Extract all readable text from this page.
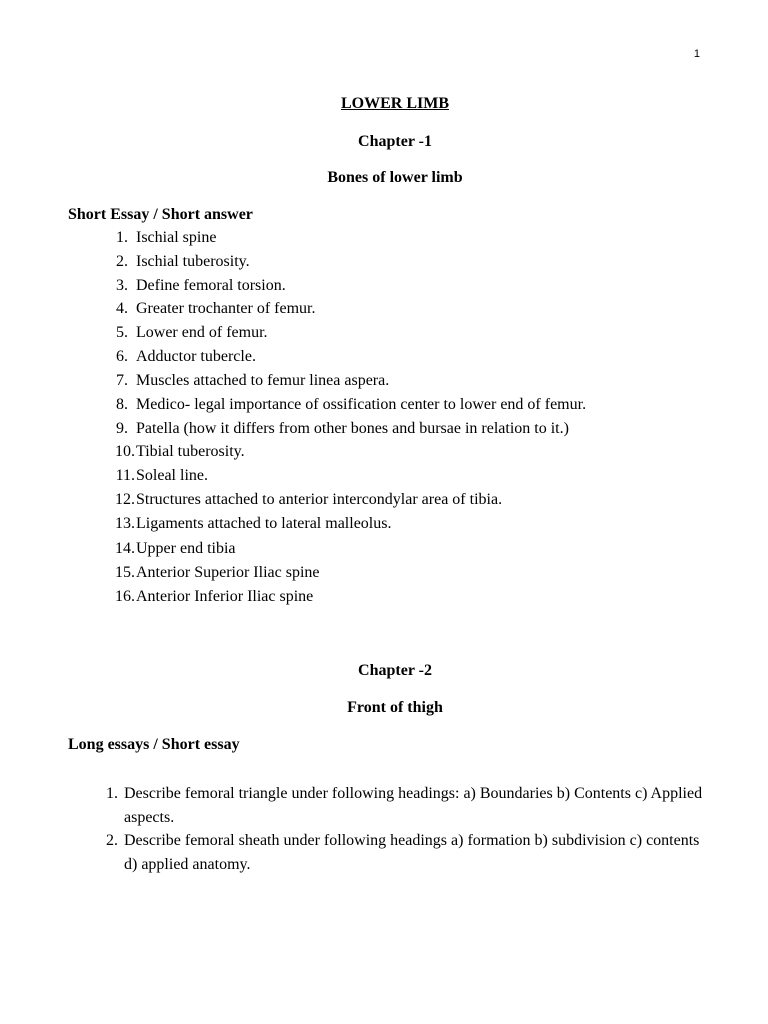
1
LOWER LIMB
Chapter -1
Bones of lower limb
Short Essay / Short answer
1. Ischial spine
2. Ischial tuberosity.
3. Define femoral torsion.
4. Greater trochanter of femur.
5. Lower end of femur.
6. Adductor tubercle.
7. Muscles attached to femur linea aspera.
8. Medico- legal importance of ossification center to lower end of femur.
9. Patella (how it differs from other bones and bursae in relation to it.)
10. Tibial tuberosity.
11. Soleal line.
12. Structures attached to anterior intercondylar area of tibia.
13. Ligaments attached to lateral malleolus.
14. Upper end tibia
15. Anterior Superior Iliac spine
16. Anterior Inferior Iliac spine
Chapter -2
Front of thigh
Long essays / Short essay
1. Describe femoral triangle under following headings: a) Boundaries b) Contents c) Applied aspects.
2. Describe femoral sheath under following headings a) formation b) subdivision c) contents d) applied anatomy.
